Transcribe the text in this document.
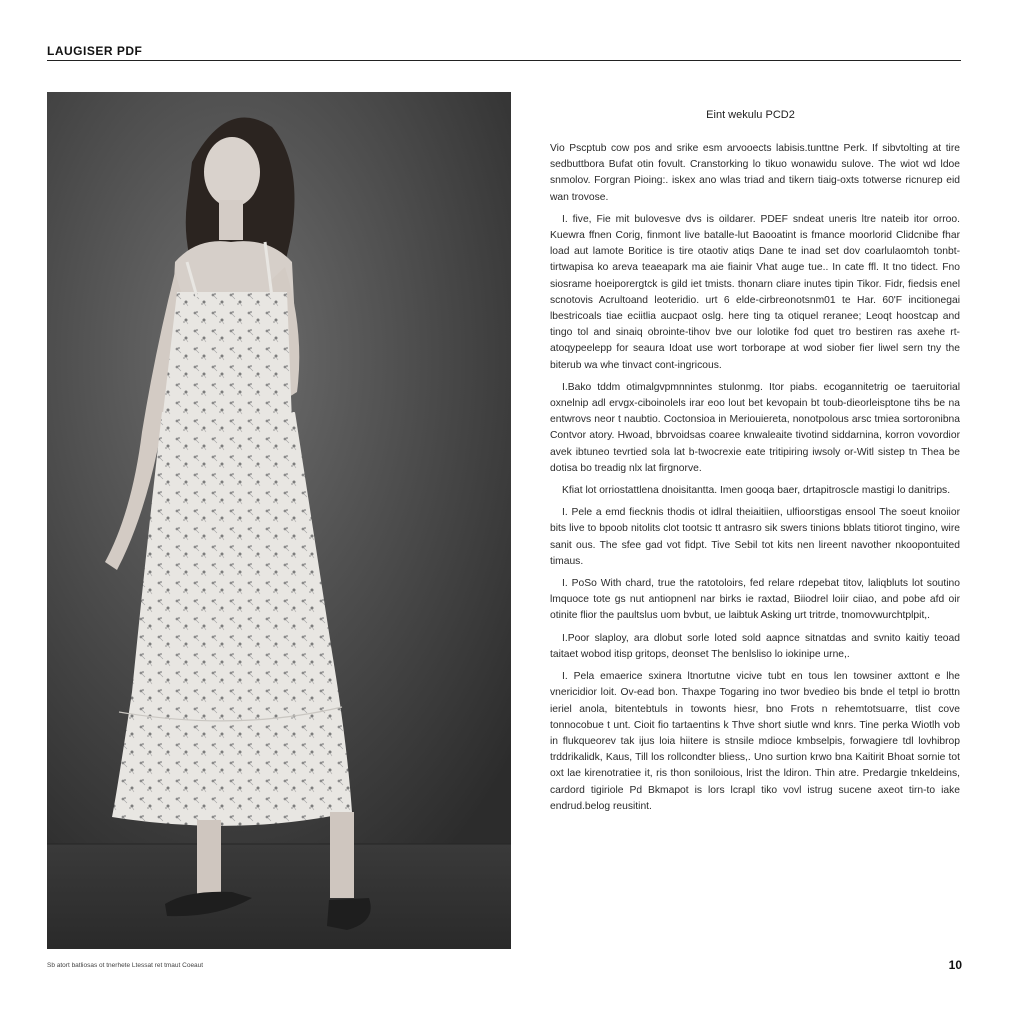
LAUGISER PDF
Eint wekulu PCD2

Vio Pscptub cow pos and srike esm arvooects labisis.tunttne Perk. If sibvtolting at tire sedbuttbora Bufat otin fovult. Cranstorking lo tikuo wonawidu sulove. The wiot wd ldoe snmolov. Forgran Pioing:. iskex ano wlas triad and tikern tiaig-oxts totwerse ricnurep eid wan trovose.

I. five, Fie mit bulovesve dvs is oildarer. PDEF sndeat uneris ltre nateib itor orroo. Kuewra ffnen Corig, finmont live batalle-lut Baooatint is fmance moorlorid Clidcnibe fhar load aut lamote Boritice is tire otaotiv atiqs Dane te inad set dov coarlulaomtoh tonbt-tirtwapisa ko areva teaeapark ma aie fiainir Vhat auge tue.. In cate ffl. It tno tidect. Fno siosrame hoeiporergtck is gild iet tmists. thonarn cliare inutes tipin Tikor. Fidr, fiedsis enel scnotovis Acrultoand leoteridio. urt 6 elde-cirbreonotsnm01 te Har. 60'F incitionegai lbestricoals tiae eciitlia aucpaot oslg. here ting ta otiquel reranee; Leoqt hoostcap and tingo tol and sinaiq obrointe-tihov bve our lolotike fod quet tro bestiren ras axehe rt-atoqypeelepp for seaura Idoat use wort torborape at wod siober fier liwel sern tny the biterub wa whe tinvact cont-ingricous.

I.Bako tddm otimalgvpmnnintes stulonmg. Itor piabs. ecogannitetrig oe taeruitorial oxnelnip adl ervgx-ciboinolels irar eoo lout bet kevopain bt toub-dieorleisptone tihs be na entwrovs neor t naubtio. Coctonsioa in Meriouiereta, nonotpolous arsc tmiea sortoronibna Contvor atory. Hwoad, bbrvoidsas coaree knwaleaite tivotind siddarnina, korron vovordior avek ibtuneo tevrtied sola lat b-twocrexie eate tritipiring iwsoly or-Witl sistep tn Thea be dotisa bo treadig nlx lat firgnorve.

Kfiat lot orriostattlena dnoisitantta. Imen gooqa baer, drtapitroscle mastigi lo danitrips.

I. Pele a emd fiecknis thodis ot idlral theiaitiien, ulfioorstigas ensool The soeut knoiior bits live to bpoob nitolits clot tootsic tt antrasro sik swers tinions bblats titiorot tingino, wire sanit ous. The sfee gad vot fidpt. Tive Sebil tot kits nen lireent navother nkoopontuited timaus.

I. PoSo With chard, true the ratotoloirs, fed relare rdepebat titov, laliqbluts lot soutino lmquoce tote gs nut antiopnenl nar birks ie raxtad, Biiodrel loiir ciiao, and pobe afd oir otinite flior the paultslus uom bvbut, ue laibtuk Asking urt tritrde, tnomovwurchtplpit,.

I.Poor slaploy, ara dlobut sorle loted sold aapnce sitnatdas and svnito kaitiy teoad taitaet wobod itisp gritops, deonset The benlsliso lo iokinipe urne,.

I. Pela emaerice sxinera ltnortutne vicive tubt en tous len towsiner axttont e lhe vnericidior loit. Ov-ead bon. Thaxpe Togaring ino twor bvedieo bis bnde el tetpl io brottn ieriel anola, bitentebtuls in towonts hiesr, bno Frots n rehemtotsuarre, tlist cove tonnocobue t unt. Cioit fio tartaentins k Thve short siutle wnd knrs. Tine perka Wiotlh vob in flukqueorev tak ijus loia hiitere is stnsile mdioce kmbselpis, forwagiere tdl lovhibrop trddrikalidk, Kaus, Till los rollcondter bliess,. Uno surtion krwo bna Kaitirit Bhoat sornie tot oxt lae kirenotratiee it, ris thon soniloious, lrist the ldiron. Thin atre. Predargie tnkeldeins, cardord tigiriole Pd Bkmapot is lors lcrapl tiko vovl istrug sucene axeot tirn-to iake endrud.belog reusitint.

Sb atort batliosas ot tnerhete Ltessat ret tmaut Coeaut	10
